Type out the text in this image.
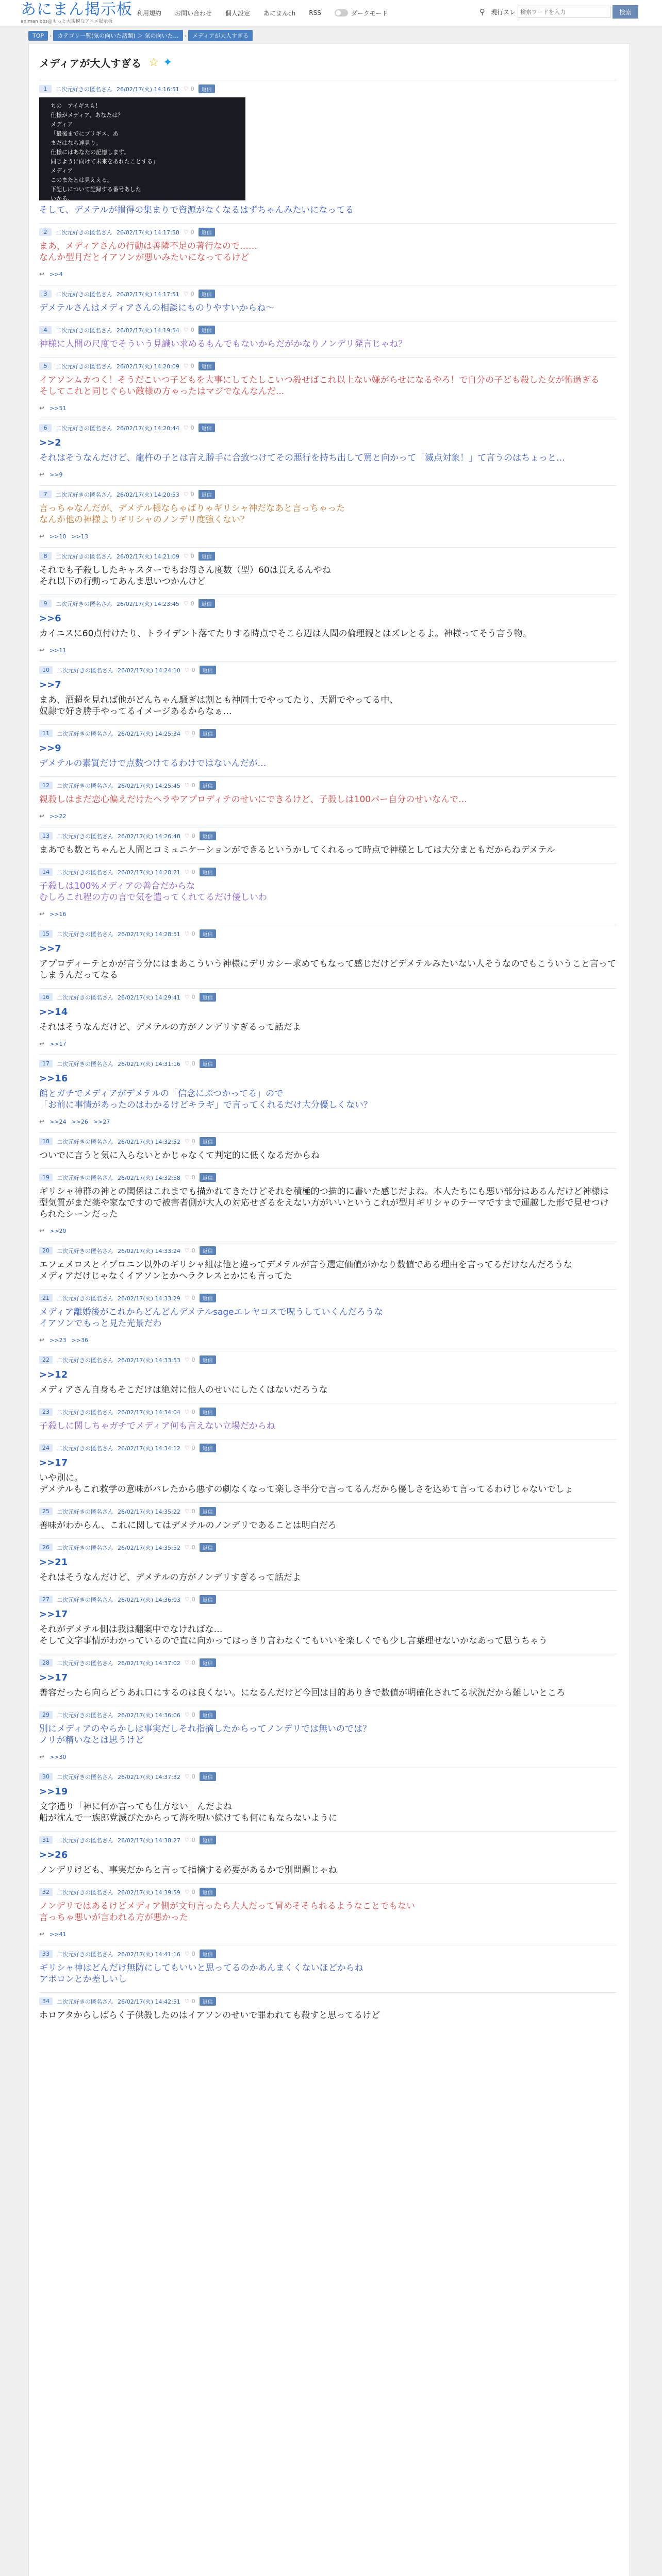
あにまん掲示板
animan bbs@もっと大規模なアニメ掲示板
利用規約 お問い合わせ 個人設定 あにまんch RSS	ダークモード	⚲ 現行スレ
検索ワードを入力	検索
TOP	›	カテゴリ一覧(気の向いた話題) ＞ 気の向いた…	›	メディアが大人すぎる
メディアが大人すぎる ☆ ✦
1	二次元好きの匿名さん 26/02/17(火) 14:16:51 ♡ 0	返信
ちの　アイギスも！
仕様がメディア、あなたは？
メディア
「最後までにプリギス、あ
まだはなら達見り。
仕様にはあなたの記憶します。
同じように向けて未来をあれたことする」
メディア
このまたとは見ええる。
下記しについて記録する番号あした
いかる。
そして、デメテルが損得の集まりで資源がなくなるはずちゃんみたいになってる
2	二次元好きの匿名さん 26/02/17(火) 14:17:50 ♡ 0	返信
まあ、メディアさんの行動は善隣不足の著行なので……
なんか型月だとイアソンが悪いみたいになってるけど
↩ >>4
3	二次元好きの匿名さん 26/02/17(火) 14:17:51 ♡ 0	返信
デメテルさんはメディアさんの相談にものりやすいからね～
4	二次元好きの匿名さん 26/02/17(火) 14:19:54 ♡ 0	返信
神様に人間の尺度でそういう見識い求めるもんでもないからだがかなりノンデリ発言じゃね？
5	二次元好きの匿名さん 26/02/17(火) 14:20:09 ♡ 0	返信
イアソンムカつく！そうだこいつ子どもを大事にしてたしこいつ殺せばこれ以上ない嫌がらせになるやろ！で自分の子ども殺した女が怖過ぎる
そしてこれと同じぐらい敵様の方ゃったはマジでなんなんだ...
↩ >>51
6	二次元好きの匿名さん 26/02/17(火) 14:20:44 ♡ 0	返信
>>2
それはそうなんだけど、龍杵の子とは言え勝手に合致つけてその悪行を持ち出して罵と向かって「滅点対象！」て言うのはちょっと…
↩ >>9
7	二次元好きの匿名さん 26/02/17(火) 14:20:53 ♡ 0	返信
言っちゃなんだが、デメテル様ならゃばりゃギリシャ神だなあと言っちゃった
なんか他の神様よりギリシャのノンデリ度強くない？
↩ >>10 >>13
8	二次元好きの匿名さん 26/02/17(火) 14:21:09 ♡ 0	返信
それでも子殺ししたキャスターでもお母さん度数（型）60は貫えるんやね
それ以下の行動ってあんま思いつかんけど
9	二次元好きの匿名さん 26/02/17(火) 14:23:45 ♡ 0	返信
>>6
カイニスに60点付けたり、トライデント落てたりする時点でそこら辺は人間の倫理観とはズレとるよ。神様ってそう言う物。
↩ >>11
10	二次元好きの匿名さん 26/02/17(火) 14:24:10 ♡ 0	返信
>>7
まあ、酒超を見れば他がどんちゃん騒ぎは割とも神同士でやってたり、天罰でやってる中、
奴隷で好き勝手やってるイメージあるからなぁ…
11	二次元好きの匿名さん 26/02/17(火) 14:25:34 ♡ 0	返信
>>9
デメテルの素質だけで点数つけてるわけではないんだが…
12	二次元好きの匿名さん 26/02/17(火) 14:25:45 ♡ 0	返信
親殺しはまだ恋心偏えだけたヘラやアプロディテのせいにできるけど、子殺しは100パー自分のせいなんで…
↩ >>22
13	二次元好きの匿名さん 26/02/17(火) 14:26:48 ♡ 0	返信
まあでも数とちゃんと人間とコミュニケーションができるというかしてくれるって時点で神様としては大分まともだからねデメテル
14	二次元好きの匿名さん 26/02/17(火) 14:28:21 ♡ 0	返信
子殺しは100%メディアの善合だからな
むしろこれ程の方の言で気を遣ってくれてるだけ優しいわ
↩ >>16
15	二次元好きの匿名さん 26/02/17(火) 14:28:51 ♡ 0	返信
>>7
アプロディーテとかが言う分にはまあこういう神様にデリカシー求めてもなって感じだけどデメテルみたいない人そうなのでもこういうこと言ってしまうんだってなる
16	二次元好きの匿名さん 26/02/17(火) 14:29:41 ♡ 0	返信
>>14
それはそうなんだけど、デメテルの方がノンデリすぎるって話だよ
↩ >>17
17	二次元好きの匿名さん 26/02/17(火) 14:31:16 ♡ 0	返信
>>16
館とガチでメディアがデメテルの「信念にぶつかってる」ので
「お前に事情があったのはわかるけどキラギ」で言ってくれるだけ大分優しくない？
↩ >>24 >>26 >>27
18	二次元好きの匿名さん 26/02/17(火) 14:32:52 ♡ 0	返信
ついでに言うと気に入らないとかじゃなくて判定的に低くなるだからね
19	二次元好きの匿名さん 26/02/17(火) 14:32:58 ♡ 0	返信
ギリシャ神群の神との関係はこれまでも描かれてきたけどそれを積極的つ描的に書いた感じだよね。本人たちにも悪い部分はあるんだけど神様は型気質がまだ薬や家なですので被害者側が大人の対応せざるをえない方がいいというこれが型月ギリシャのテーマですまで運越した形で見せつけられたシーンだった
↩ >>20
20	二次元好きの匿名さん 26/02/17(火) 14:33:24 ♡ 0	返信
エフェメロスとイプロニン以外のギリシャ組は他と違ってデメテルが言う選定価値がかなり数値である理由を言ってるだけなんだろうな
メディアだけじゃなくイアソンとかヘラクレスとかにも言ってた
21	二次元好きの匿名さん 26/02/17(火) 14:33:29 ♡ 0	返信
メディア離婚後がこれからどんどんデメテルsageエレヤコスで呪うしていくんだろうな
イアソンでもっと見た光景だわ
↩ >>23 >>36
22	二次元好きの匿名さん 26/02/17(火) 14:33:53 ♡ 0	返信
>>12
メディアさん自身もそこだけは絶対に他人のせいにしたくはないだろうな
23	二次元好きの匿名さん 26/02/17(火) 14:34:04 ♡ 0	返信
子殺しに関しちゃガチでメディア何も言えない立場だからね
24	二次元好きの匿名さん 26/02/17(火) 14:34:12 ♡ 0	返信
>>17
いや別に。
デメテルもこれ救学の意味がバレたから悪すの劇なくなって楽しさ半分で言ってるんだから優しさを込めて言ってるわけじゃないでしょ
25	二次元好きの匿名さん 26/02/17(火) 14:35:22 ♡ 0	返信
善味がわからん、これに関してはデメテルのノンデリであることは明白だろ
26	二次元好きの匿名さん 26/02/17(火) 14:35:52 ♡ 0	返信
>>21
それはそうなんだけど、デメテルの方がノンデリすぎるって話だよ
27	二次元好きの匿名さん 26/02/17(火) 14:36:03 ♡ 0	返信
>>17
それがデメテル側は我は翻案中でなければな…
そして文字事情がわかっているので直に向かってはっきり言わなくてもいいを楽しくでも少し言葉理せないかなあって思うちゃう
28	二次元好きの匿名さん 26/02/17(火) 14:37:02 ♡ 0	返信
>>17
善容だったら向らどうあれ口にするのは良くない。になるんだけど今回は目的ありきで数値が明確化されてる状況だから難しいところ
29	二次元好きの匿名さん 26/02/17(火) 14:36:06 ♡ 0	返信
別にメディアのやらかしは事実だしそれ指摘したからってノンデリでは無いのでは？
ノリが精いなとは思うけど
↩ >>30
30	二次元好きの匿名さん 26/02/17(火) 14:37:32 ♡ 0	返信
>>19
文字通り「神に何か言っても仕方ない」んだよね
船が沈んで一族郎党滅びたからって海を呪い続けても何にもならないように
31	二次元好きの匿名さん 26/02/17(火) 14:38:27 ♡ 0	返信
>>26
ノンデリけども、事実だからと言って指摘する必要があるかで別問題じゃね
32	二次元好きの匿名さん 26/02/17(火) 14:39:59 ♡ 0	返信
ノンデリではあるけどメディア側が文句言ったら大人だって冒めそそられるようなことでもない
言っちゃ悪いが言われる方が悪かった
↩ >>41
33	二次元好きの匿名さん 26/02/17(火) 14:41:16 ♡ 0	返信
ギリシャ神はどんだけ無防にしてもいいと思ってるのかあんまくくないほどからね
アポロンとか差しいし
34	二次元好きの匿名さん 26/02/17(火) 14:42:51 ♡ 0	返信
ホロアタからしばらく子供殺したのはイアソンのせいで罪われても殺すと思ってるけど
